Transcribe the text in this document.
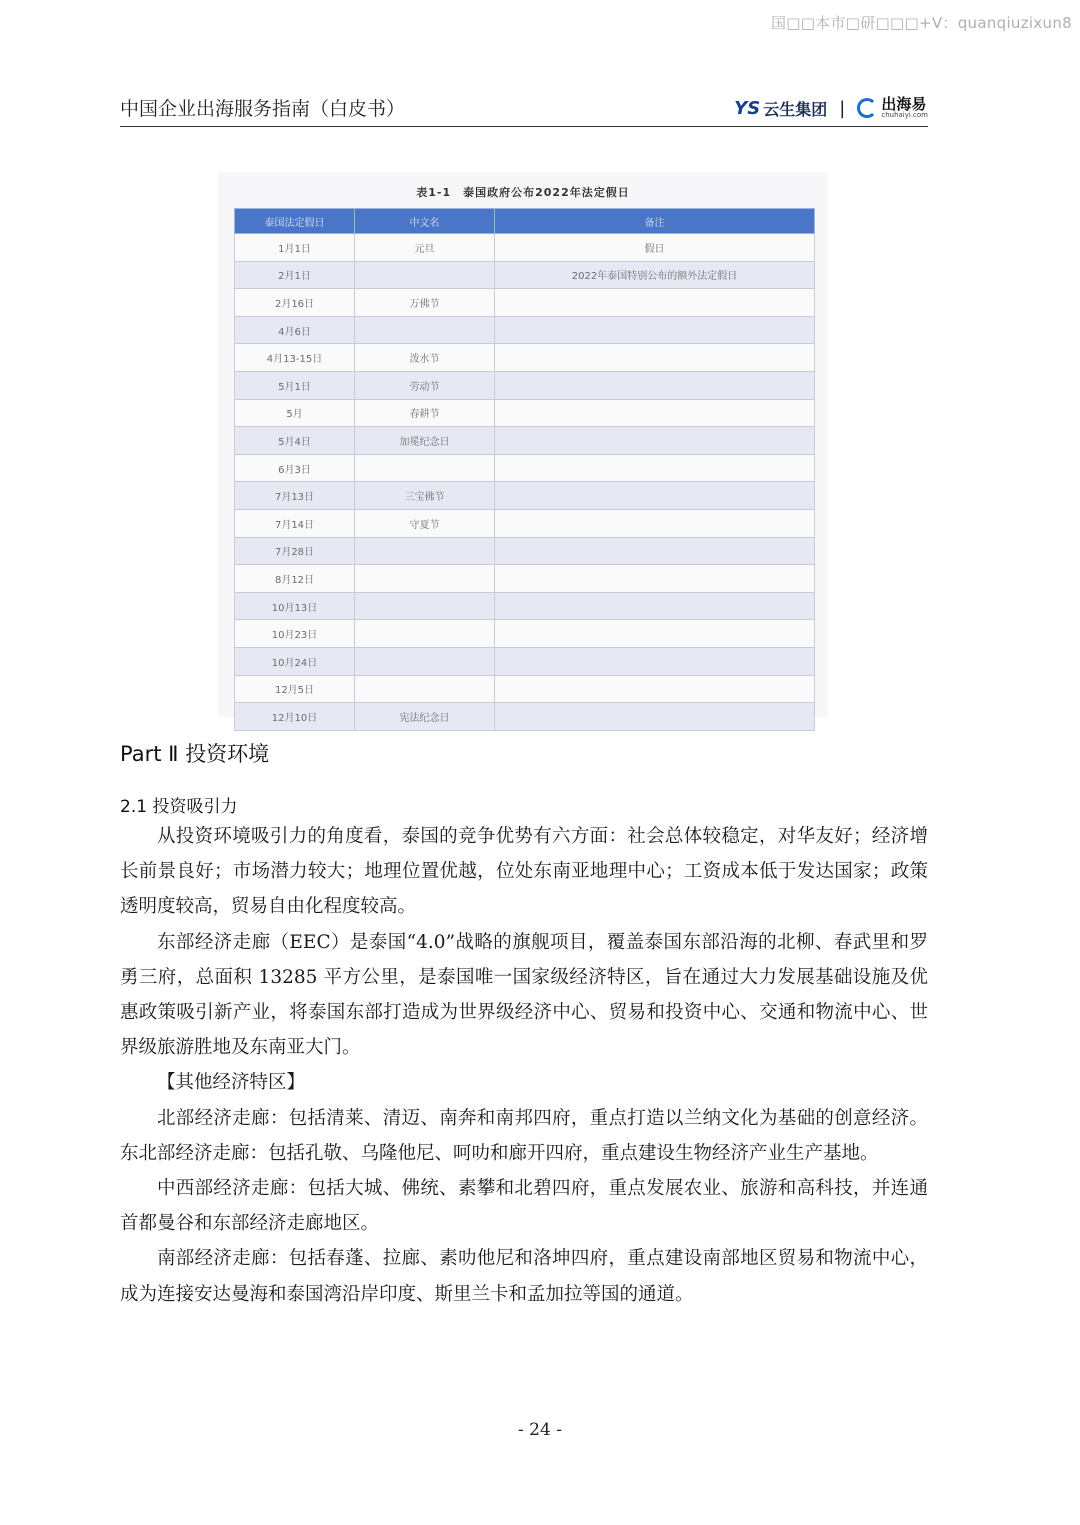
国□□本市□研□□□+V：quanqiuzixun8
中国企业出海服务指南（白皮书）	YS 云生集团 | 出海易
chuhaiyi.com
表1-1　泰国政府公布2022年法定假日
泰国法定假日	中文名	备注
1月1日	元旦	假日
2月1日		2022年泰国特别公布的额外法定假日
2月16日	万佛节	
4月6日		
4月13-15日	泼水节	
5月1日	劳动节	
5月	春耕节	
5月4日	加冕纪念日	
6月3日		
7月13日	三宝佛节	
7月14日	守夏节	
7月28日		
8月12日		
10月13日		
10月23日		
10月24日		
12月5日		
12月10日	宪法纪念日	
Part Ⅱ 投资环境
2.1 投资吸引力

从投资环境吸引力的角度看，泰国的竞争优势有六方面：社会总体较稳定，对华友好；经济增长前景良好；市场潜力较大；地理位置优越，位处东南亚地理中心；工资成本低于发达国家；政策透明度较高，贸易自由化程度较高。

东部经济走廊（EEC）是泰国“4.0”战略的旗舰项目，覆盖泰国东部沿海的北柳、春武里和罗勇三府，总面积 13285 平方公里，是泰国唯一国家级经济特区，旨在通过大力发展基础设施及优惠政策吸引新产业，将泰国东部打造成为世界级经济中心、贸易和投资中心、交通和物流中心、世界级旅游胜地及东南亚大门。

【其他经济特区】

北部经济走廊：包括清莱、清迈、南奔和南邦四府，重点打造以兰纳文化为基础的创意经济。东北部经济走廊：包括孔敬、乌隆他尼、呵叻和廊开四府，重点建设生物经济产业生产基地。

中西部经济走廊：包括大城、佛统、素攀和北碧四府，重点发展农业、旅游和高科技，并连通首都曼谷和东部经济走廊地区。

南部经济走廊：包括春蓬、拉廊、素叻他尼和洛坤四府，重点建设南部地区贸易和物流中心，成为连接安达曼海和泰国湾沿岸印度、斯里兰卡和孟加拉等国的通道。

- 24 -
